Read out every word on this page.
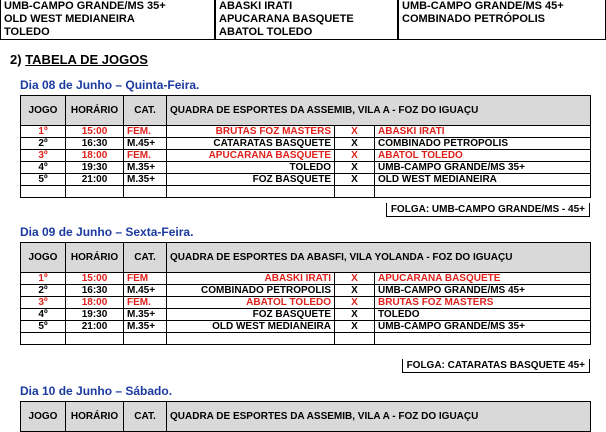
UMB-CAMPO GRANDE/MS 35+
OLD WEST MEDIANEIRA
TOLEDO
ABASKI IRATI
APUCARANA BASQUETE
ABATOL TOLEDO
UMB-CAMPO GRANDE/MS 45+
COMBINADO PETRÓPOLIS
2) TABELA DE JOGOS
Dia 08 de Junho – Quinta-Feira.
JOGO	HORÁRIO	CAT.	QUADRA DE ESPORTES DA ASSEMIB, VILA A - FOZ DO IGUAÇU		
1º	15:00	FEM.	BRUTAS FOZ MASTERS	X	ABASKI IRATI
2º	16:30	M.45+	CATARATAS BASQUETE	X	COMBINADO PETRÓPOLIS
3º	18:00	FEM.	APUCARANA BASQUETE	X	ABATOL TOLEDO
4º	19:30	M.35+	TOLEDO	X	UMB-CAMPO GRANDE/MS 35+
5º	21:00	M.35+	FOZ BASQUETE	X	OLD WEST MEDIANEIRA

FOLGA: UMB-CAMPO GRANDE/MS - 45+
Dia 09 de Junho – Sexta-Feira.
JOGO	HORÁRIO	CAT.	QUADRA DE ESPORTES DA ABASFI, VILA YOLANDA - FOZ DO IGUAÇU		
1º	15:00	FEM	ABASKI IRATI	X	APUCARANA BASQUETE
2º	16:30	M.45+	COMBINADO PETRÓPOLIS	X	UMB-CAMPO GRANDE/MS 45+
3º	18:00	FEM.	ABATOL TOLEDO	X	BRUTAS FOZ MASTERS
4º	19:30	M.35+	FOZ BASQUETE	X	TOLEDO
5º	21:00	M.35+	OLD WEST MEDIANEIRA	X	UMB-CAMPO GRANDE/MS 35+

FOLGA: CATARATAS BASQUETE 45+
Dia 10 de Junho – Sábado.
JOGO	HORÁRIO	CAT.	QUADRA DE ESPORTES DA ASSEMIB, VILA A - FOZ DO IGUAÇU
